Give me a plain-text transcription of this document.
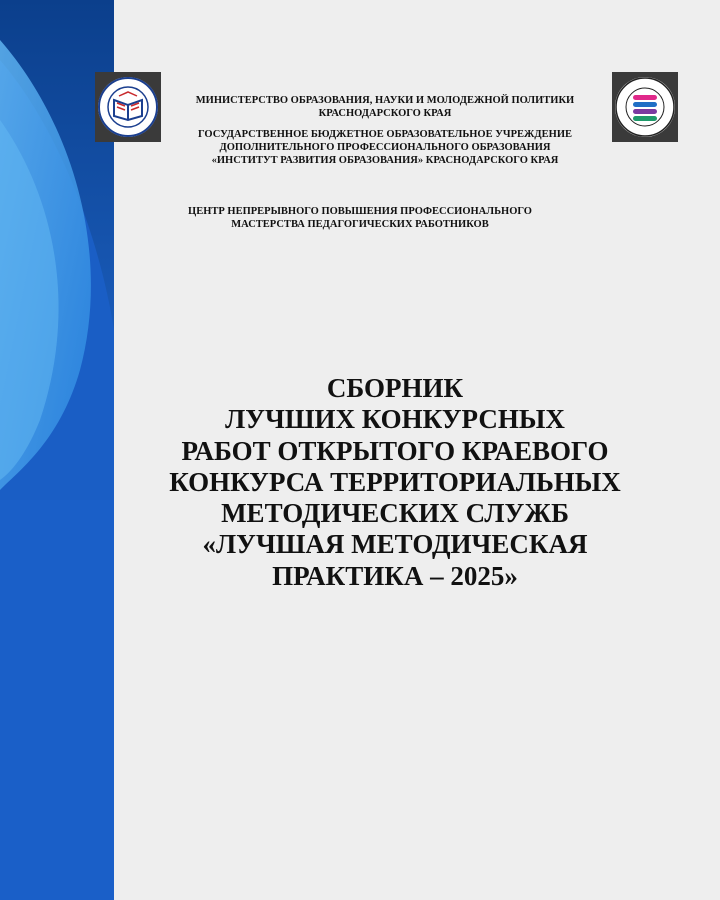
МИНИСТЕРСТВО ОБРАЗОВАНИЯ, НАУКИ И МОЛОДЕЖНОЙ ПОЛИТИКИ
КРАСНОДАРСКОГО КРАЯ
ГОСУДАРСТВЕННОЕ БЮДЖЕТНОЕ ОБРАЗОВАТЕЛЬНОЕ УЧРЕЖДЕНИЕ
ДОПОЛНИТЕЛЬНОГО ПРОФЕССИОНАЛЬНОГО ОБРАЗОВАНИЯ
«ИНСТИТУТ РАЗВИТИЯ ОБРАЗОВАНИЯ» КРАСНОДАРСКОГО КРАЯ
ЦЕНТР НЕПРЕРЫВНОГО ПОВЫШЕНИЯ ПРОФЕССИОНАЛЬНОГО
МАСТЕРСТВА ПЕДАГОГИЧЕСКИХ РАБОТНИКОВ
СБОРНИК
ЛУЧШИХ КОНКУРСНЫХ
РАБОТ ОТКРЫТОГО КРАЕВОГО
КОНКУРСА ТЕРРИТОРИАЛЬНЫХ
МЕТОДИЧЕСКИХ СЛУЖБ
«ЛУЧШАЯ МЕТОДИЧЕСКАЯ
ПРАКТИКА – 2025»
